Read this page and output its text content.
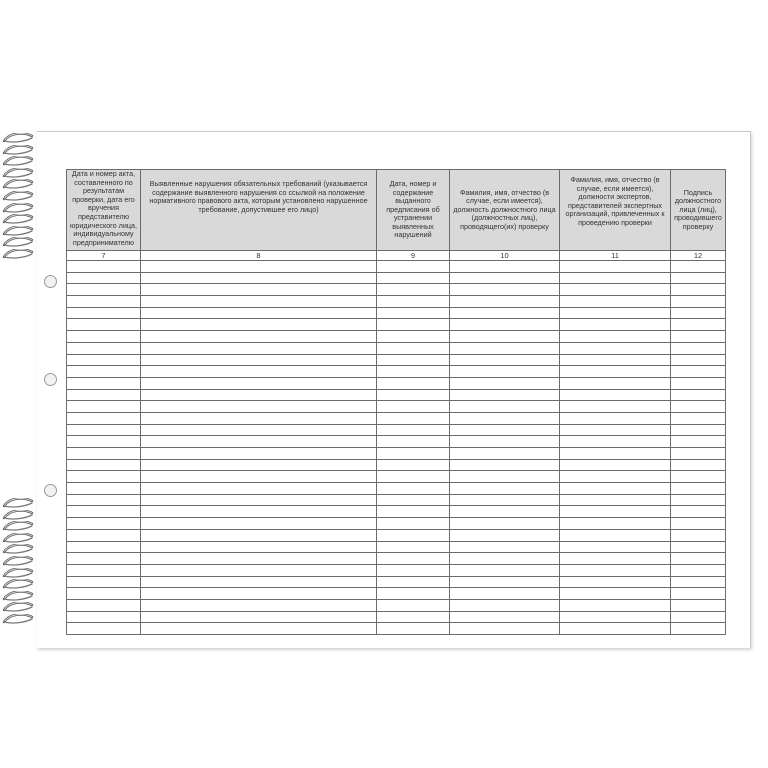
Дата и номер акта, составленного по результатам проверки, дата его вручения представителю юридического лица, индивидуальному предпринимателю	Выявленные нарушения обязательных требований (указывается содержание выявленного нарушения со ссылкой на положение нормативного правового акта, которым установлено нарушенное требование, допустившее его лицо)	Дата, номер и содержание выданного предписания об устранении выявленных нарушений	Фамилия, имя, отчество (в случае, если имеется), должность должностного лица (должностных лиц), проводящего(их) проверку	Фамилия, имя, отчество (в случае, если имеется), должности экспертов, представителей экспертных организаций, привлеченных к проведению проверки	Подпись должностного лица (лиц), проводившего проверку

7	8	9	10	11	12
